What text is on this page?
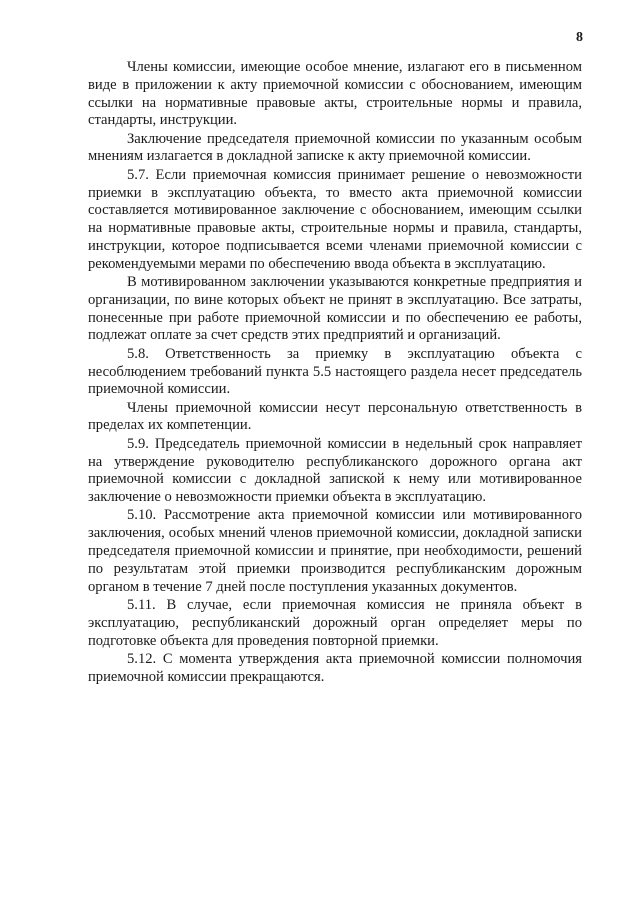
8

Члены комиссии, имеющие особое мнение, излагают его в письменном виде в приложении к акту приемочной комиссии с обоснованием, имеющим ссылки на нормативные правовые акты, строительные нормы и правила, стандарты, инструкции.

Заключение председателя приемочной комиссии по указанным особым мнениям излагается в докладной записке к акту приемочной комиссии.

5.7. Если приемочная комиссия принимает решение о невозможности приемки в эксплуатацию объекта, то вместо акта приемочной комиссии составляется мотивированное заключение с обоснованием, имеющим ссылки на нормативные правовые акты, строительные нормы и правила, стандарты, инструкции, которое подписывается всеми членами приемочной комиссии с рекомендуемыми мерами по обеспечению ввода объекта в эксплуатацию.

В мотивированном заключении указываются конкретные предприятия и организации, по вине которых объект не принят в эксплуатацию. Все затраты, понесенные при работе приемочной комиссии и по обеспечению ее работы, подлежат оплате за счет средств этих предприятий и организаций.

5.8. Ответственность за приемку в эксплуатацию объекта с несоблюдением требований пункта 5.5 настоящего раздела несет председатель приемочной комиссии.

Члены приемочной комиссии несут персональную ответственность в пределах их компетенции.

5.9. Председатель приемочной комиссии в недельный срок направляет на утверждение руководителю республиканского дорожного органа акт приемочной комиссии с докладной запиской к нему или мотивированное заключение о невозможности приемки объекта в эксплуатацию.

5.10. Рассмотрение акта приемочной комиссии или мотивированного заключения, особых мнений членов приемочной комиссии, докладной записки председателя приемочной комиссии и принятие, при необходимости, решений по результатам этой приемки производится республиканским дорожным органом в течение 7 дней после поступления указанных документов.

5.11. В случае, если приемочная комиссия не приняла объект в эксплуатацию, республиканский дорожный орган определяет меры по подготовке объекта для проведения повторной приемки.

5.12. С момента утверждения акта приемочной комиссии полномочия приемочной комиссии прекращаются.
